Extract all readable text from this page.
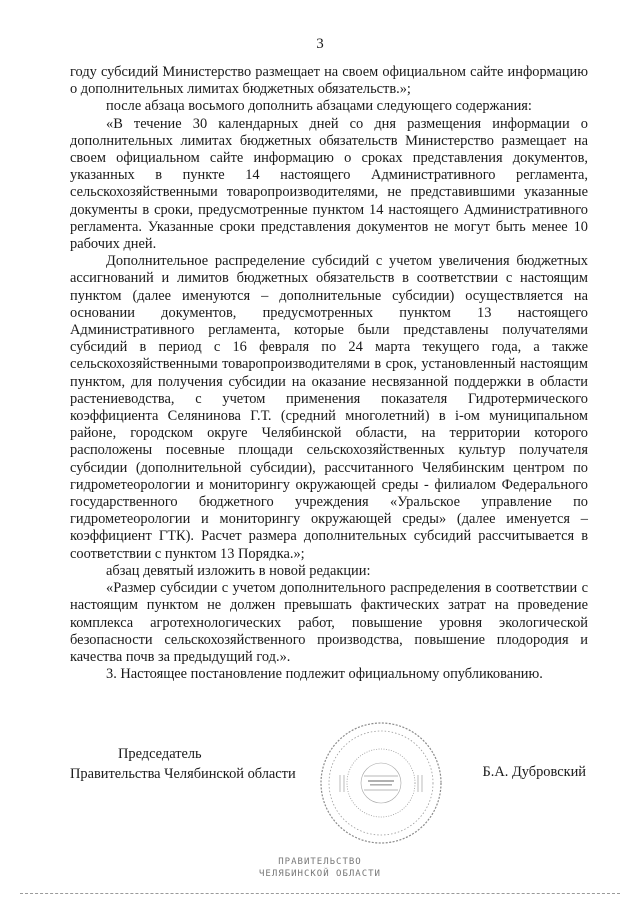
3

году субсидий Министерство размещает на своем официальном сайте информацию о дополнительных лимитах бюджетных обязательств.»;

после абзаца восьмого дополнить абзацами следующего содержания:

«В течение 30 календарных дней со дня размещения информации о дополнительных лимитах бюджетных обязательств Министерство размещает на своем официальном сайте информацию о сроках представления документов, указанных в пункте 14 настоящего Административного регламента, сельскохозяйственными товаропроизводителями, не представившими указанные документы в сроки, предусмотренные пунктом 14 настоящего Административного регламента. Указанные сроки представления документов не могут быть менее 10 рабочих дней.

Дополнительное распределение субсидий с учетом увеличения бюджетных ассигнований и лимитов бюджетных обязательств в соответствии с настоящим пунктом (далее именуются – дополнительные субсидии) осуществляется на основании документов, предусмотренных пунктом 13 настоящего Административного регламента, которые были представлены получателями субсидий в период с 16 февраля по 24 марта текущего года, а также сельскохозяйственными товаропроизводителями в срок, установленный настоящим пунктом, для получения субсидии на оказание несвязанной поддержки в области растениеводства, с учетом применения показателя Гидротермического коэффициента Селянинова Г.Т. (средний многолетний) в i-ом муниципальном районе, городском округе Челябинской области, на территории которого расположены посевные площади сельскохозяйственных культур получателя субсидии (дополнительной субсидии), рассчитанного Челябинским центром по гидрометеорологии и мониторингу окружающей среды - филиалом Федерального государственного бюджетного учреждения «Уральское управление по гидрометеорологии и мониторингу окружающей среды» (далее именуется – коэффициент ГТК). Расчет размера дополнительных субсидий рассчитывается в соответствии с пунктом 13 Порядка.»;

абзац девятый изложить в новой редакции:

«Размер субсидии с учетом дополнительного распределения в соответствии с настоящим пунктом не должен превышать фактических затрат на проведение комплекса агротехнологических работ, повышение уровня экологической безопасности сельскохозяйственного производства, повышение плодородия и качества почв за предыдущий год.».

3. Настоящее постановление подлежит официальному опубликованию.

Председатель
Правительства Челябинской области	Б.А. Дубровский
ПРАВИТЕЛЬСТВО
ЧЕЛЯБИНСКОЙ ОБЛАСТИ
